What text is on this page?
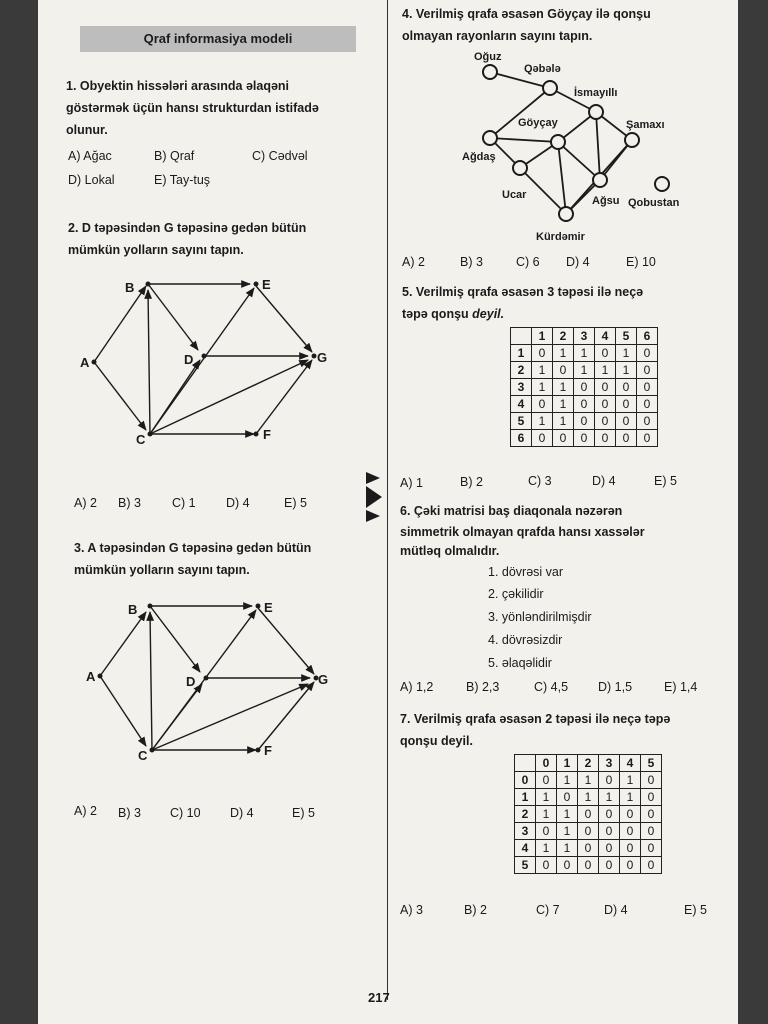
Qraf informasiya modeli
1. Obyektin hissələri arasında əlaqəni
göstərmək üçün hansı strukturdan istifadə
olunur.
A) Ağac	B) Qraf	C) Cədvəl
D) Lokal	E) Tay-tuş
2. D təpəsindən G təpəsinə gedən bütün
mümkün yolların sayını tapın.
B	E
A	D	G
C	F
A) 2 B) 3 C) 1 D) 4	E) 5
3. A təpəsindən G təpəsinə gedən bütün
mümkün yolların sayını tapın.
B	E
A	D	G
C	F
A) 2 B) 3 C) 10 D) 4	E) 5
4. Verilmiş qrafa əsasən Göyçay ilə qonşu
olmayan rayonların sayını tapın.
Oğuz
Qəbələ
İsmayıllı
Göyçay	Şamaxı
Ağdaş
Ucar	Ağsu Qobustan
Kürdəmir
A) 2	B) 3	C) 6 D) 4	E) 10
5. Verilmiş qrafa əsasən 3 təpəsi ilə neçə
təpə qonşu deyil.
	1	2	3	4	5	6
1	0	1	1	0	1	0
2	1	0	1	1	1	0
3	1	1	0	0	0	0
4	0	1	0	0	0	0
5	1	1	0	0	0	0
6	0	0	0	0	0	0
A) 1	B) 2	C) 3	D) 4	E) 5
6. Çəki matrisi baş diaqonala nəzərən
simmetrik olmayan qrafda hansı xassələr
mütləq olmalıdır.
1. dövrəsi var
2. çəkilidir
3. yönləndirilmişdir
4. dövrəsizdir
5. əlaqəlidir
A) 1,2	B) 2,3	C) 4,5 D) 1,5	E) 1,4
7. Verilmiş qrafa əsasən 2 təpəsi ilə neçə təpə
qonşu deyil.
	0	1	2	3	4	5
0	0	1	1	0	1	0
1	1	0	1	1	1	0
2	1	1	0	0	0	0
3	0	1	0	0	0	0
4	1	1	0	0	0	0
5	0	0	0	0	0	0
A) 3	B) 2	C) 7	D) 4	E) 5
217
